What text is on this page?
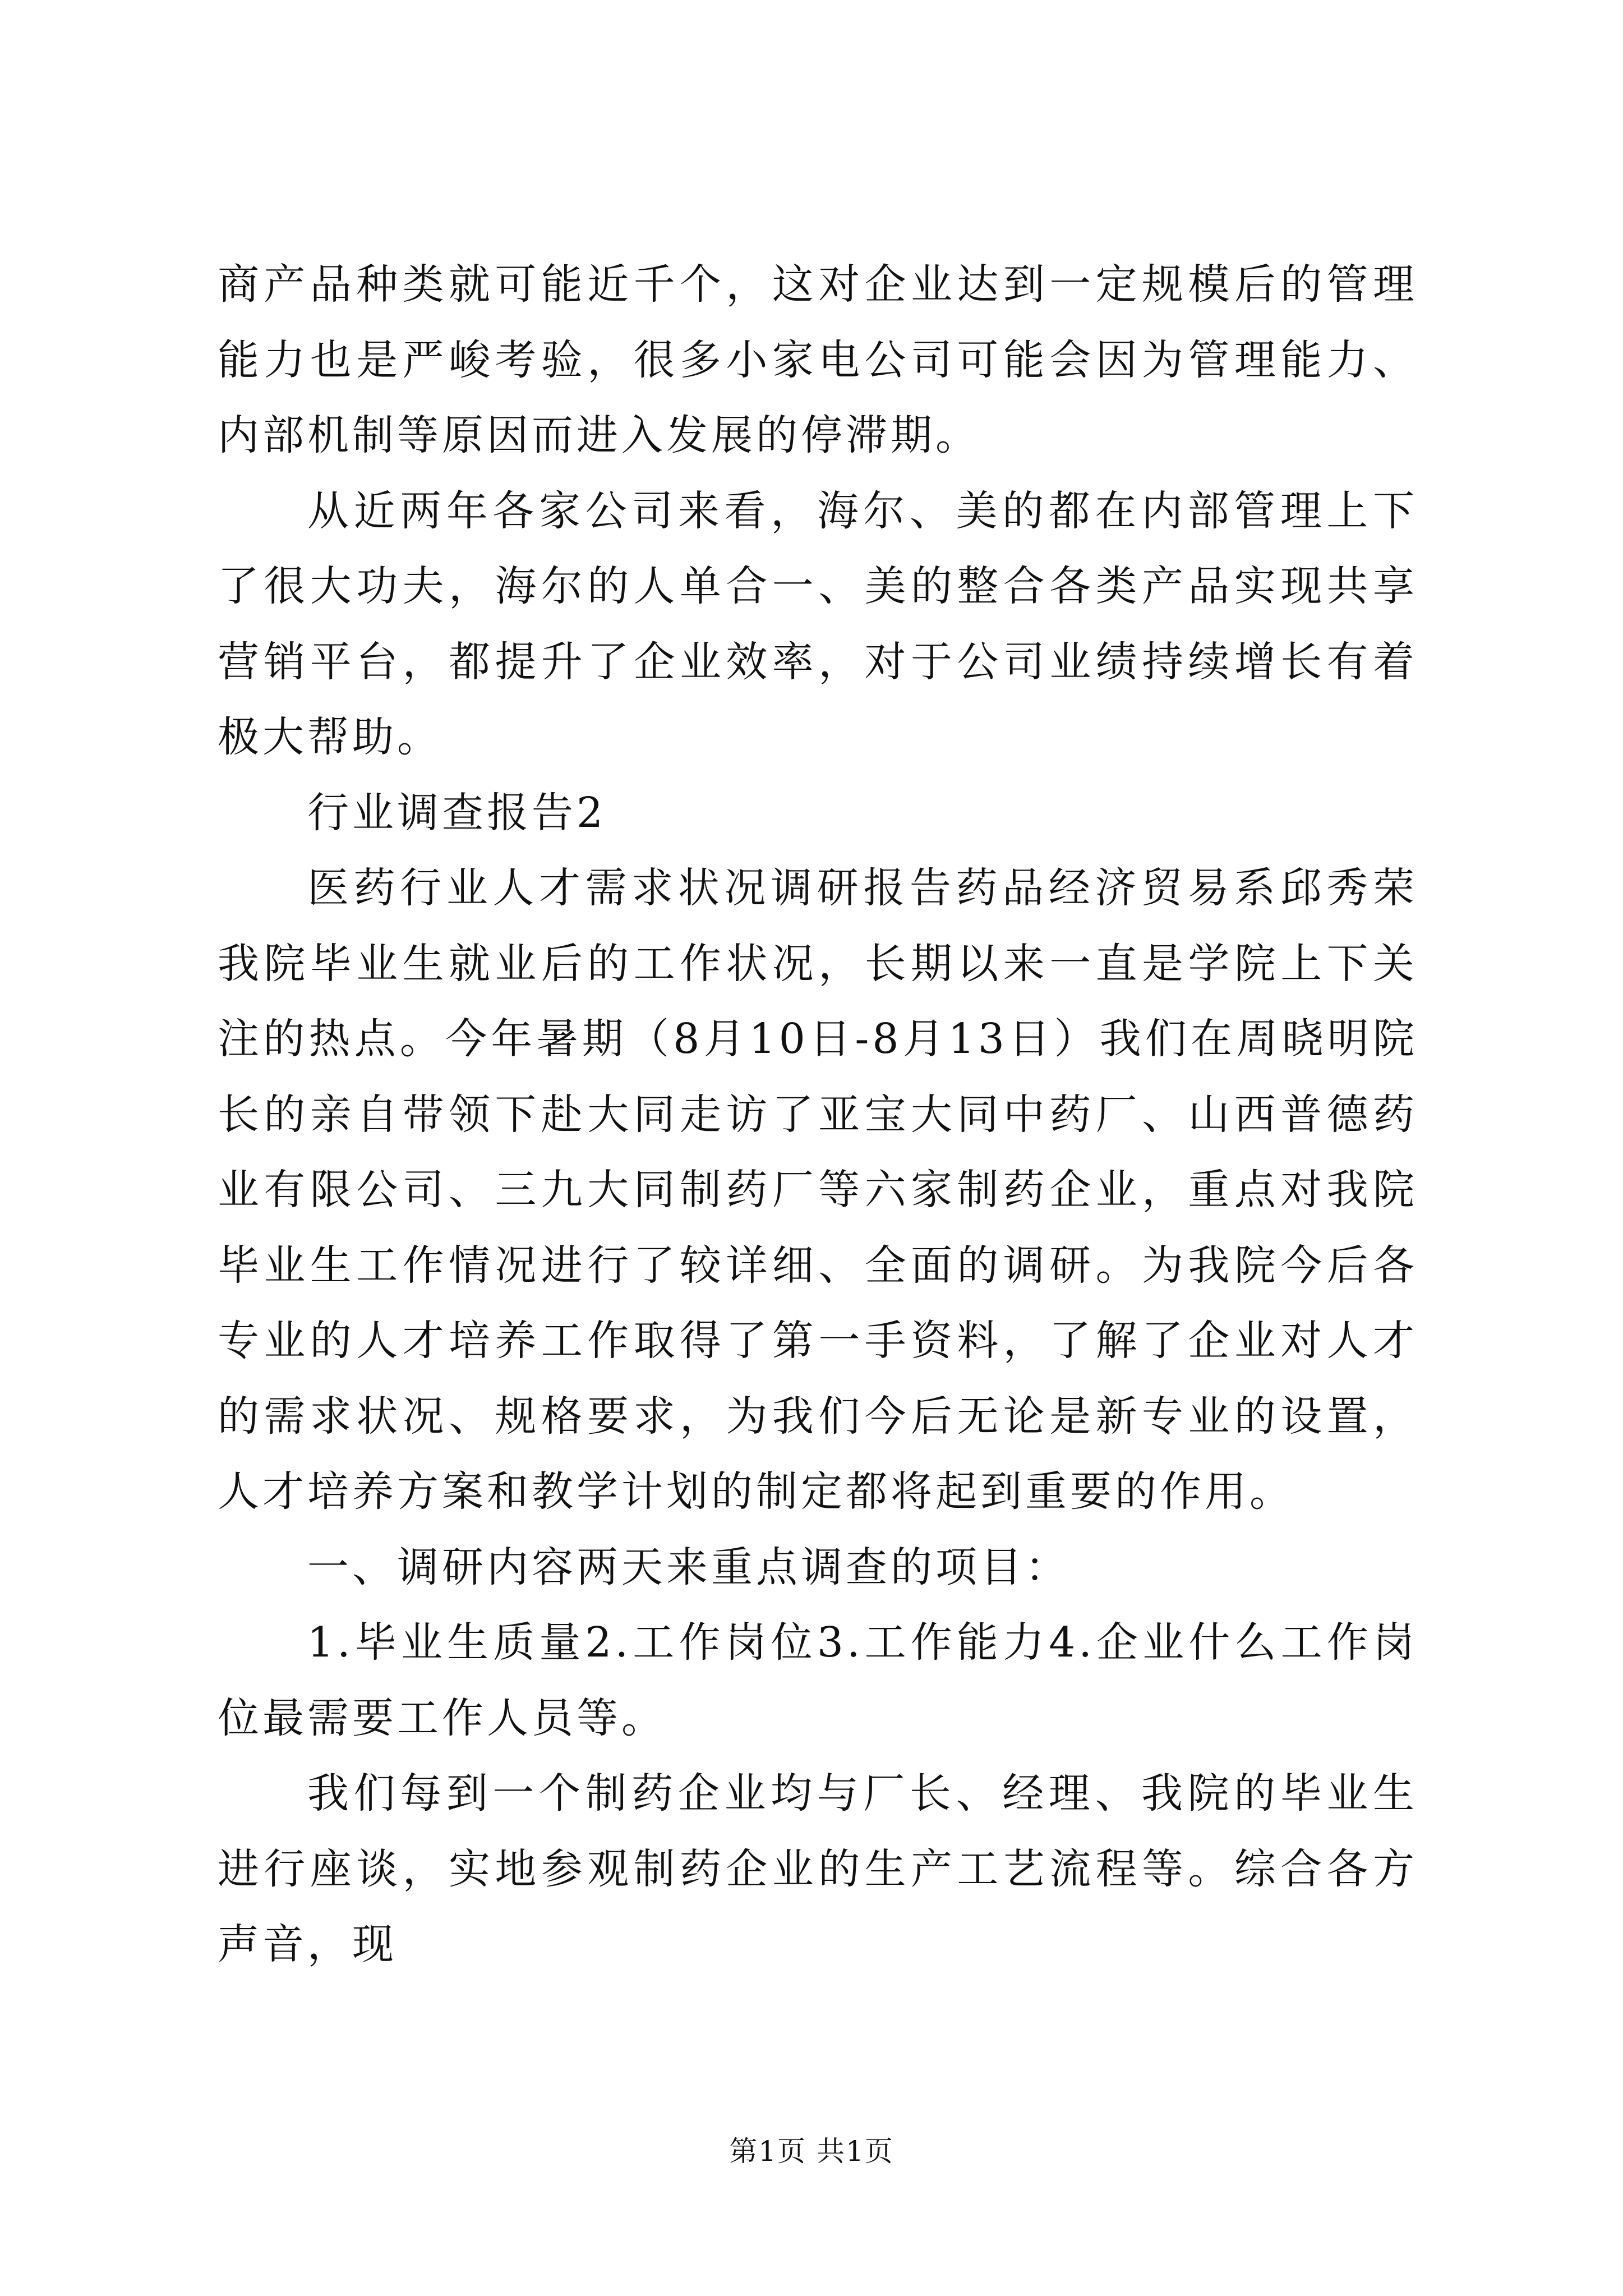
商产品种类就可能近千个，这对企业达到一定规模后的管理能力也是严峻考验，很多小家电公司可能会因为管理能力、内部机制等原因而进入发展的停滞期。

从近两年各家公司来看，海尔、美的都在内部管理上下了很大功夫，海尔的人单合一、美的整合各类产品实现共享营销平台，都提升了企业效率，对于公司业绩持续增长有着极大帮助。

行业调查报告2

医药行业人才需求状况调研报告药品经济贸易系邱秀荣我院毕业生就业后的工作状况，长期以来一直是学院上下关注的热点。今年暑期（8月10日-8月13日）我们在周晓明院长的亲自带领下赴大同走访了亚宝大同中药厂、山西普德药业有限公司、三九大同制药厂等六家制药企业，重点对我院毕业生工作情况进行了较详细、全面的调研。为我院今后各专业的人才培养工作取得了第一手资料，了解了企业对人才的需求状况、规格要求，为我们今后无论是新专业的设置，人才培养方案和教学计划的制定都将起到重要的作用。

一、调研内容两天来重点调查的项目：

1.毕业生质量2.工作岗位3.工作能力4.企业什么工作岗位最需要工作人员等。

我们每到一个制药企业均与厂长、经理、我院的毕业生进行座谈，实地参观制药企业的生产工艺流程等。综合各方声音，现

第1页 共1页
